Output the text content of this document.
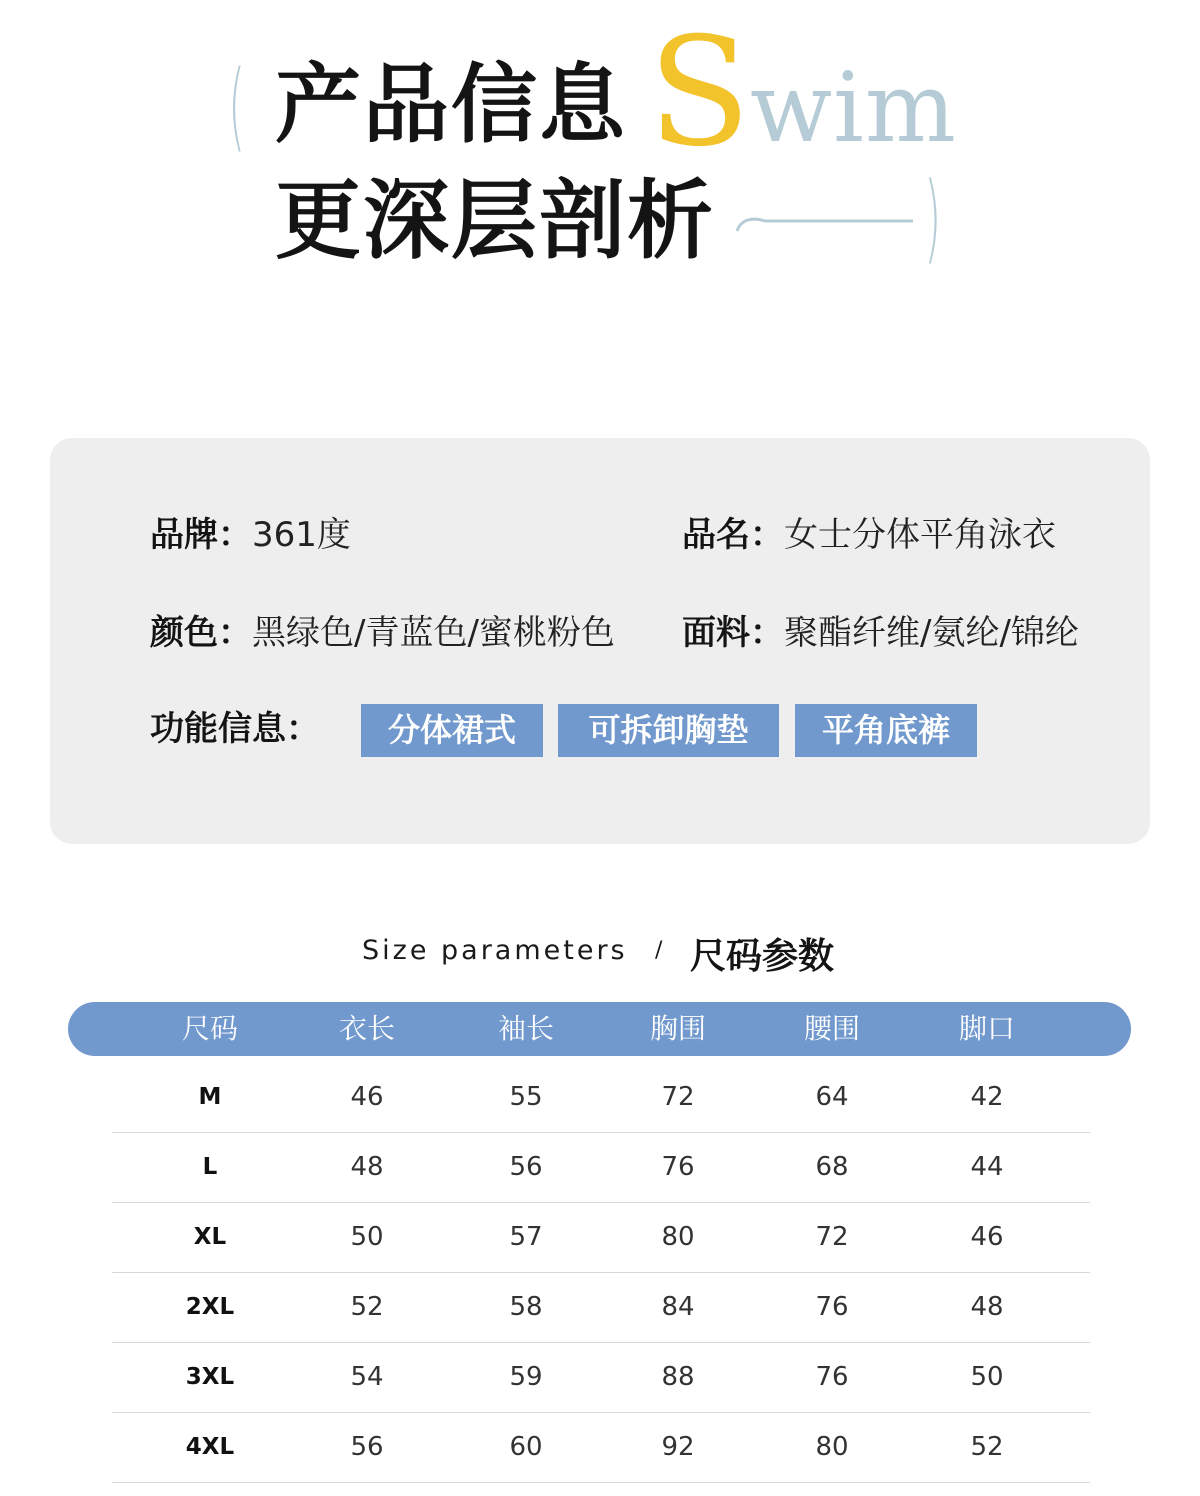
( 产品信息 S wim
更深层剖析 )
品牌：361度	品名：女士分体平角泳衣
颜色：黑绿色/青蓝色/蜜桃粉色 面料：聚酯纤维/氨纶/锦纶
功能信息：	分体裙式	可拆卸胸垫	平角底裤
Size parameters / 尺码参数
尺码	衣长	袖长	胸围	腰围	脚口
M	46	55	72	64	42
L	48	56	76	68	44
XL	50	57	80	72	46
2XL	52	58	84	76	48
3XL	54	59	88	76	50
4XL	56	60	92	80	52
